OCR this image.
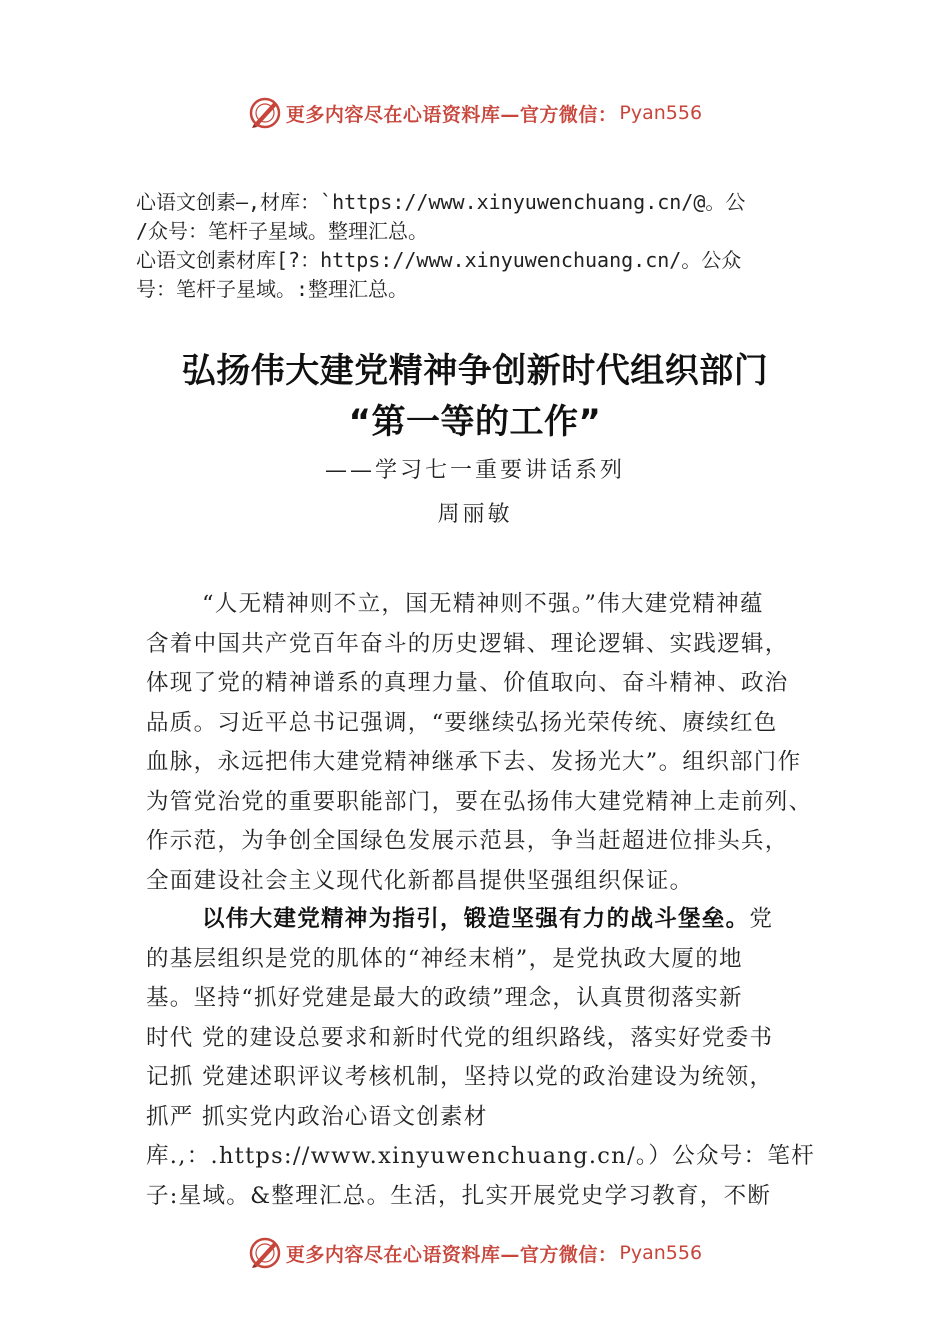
更多内容尽在心语资料库—官方微信： Pyan556
心语文创素—,材库：`https://www.xinyuwenchuang.cn/@。公
/众号：笔杆子星域。整理汇总。
心语文创素材库[?：https://www.xinyuwenchuang.cn/。公众
号：笔杆子星域。:整理汇总。
弘扬伟大建党精神争创新时代组织部门
“第一等的工作”
——学习七一重要讲话系列
周丽敏

“人无精神则不立，国无精神则不强。”伟大建党精神蕴

含着中国共产党百年奋斗的历史逻辑、理论逻辑、实践逻辑，

体现了党的精神谱系的真理力量、价值取向、奋斗精神、政治

品质。习近平总书记强调，“要继续弘扬光荣传统、赓续红色

血脉，永远把伟大建党精神继承下去、发扬光大”。组织部门作

为管党治党的重要职能部门，要在弘扬伟大建党精神上走前列、

作示范，为争创全国绿色发展示范县，争当赶超进位排头兵，

全面建设社会主义现代化新都昌提供坚强组织保证。

以伟大建党精神为指引，锻造坚强有力的战斗堡垒。党

的基层组织是党的肌体的“神经末梢”，是党执政大厦的地

基。坚持“抓好党建是最大的政绩”理念，认真贯彻落实新

时代 党的建设总要求和新时代党的组织路线，落实好党委书

记抓 党建述职评议考核机制，坚持以党的政治建设为统领，

抓严 抓实党内政治心语文创素材

库.,：.https://www.xinyuwenchuang.cn/。）公众号：笔杆

子:星域。&整理汇总。生活，扎实开展党史学习教育，不断

更多内容尽在心语资料库—官方微信： Pyan556
